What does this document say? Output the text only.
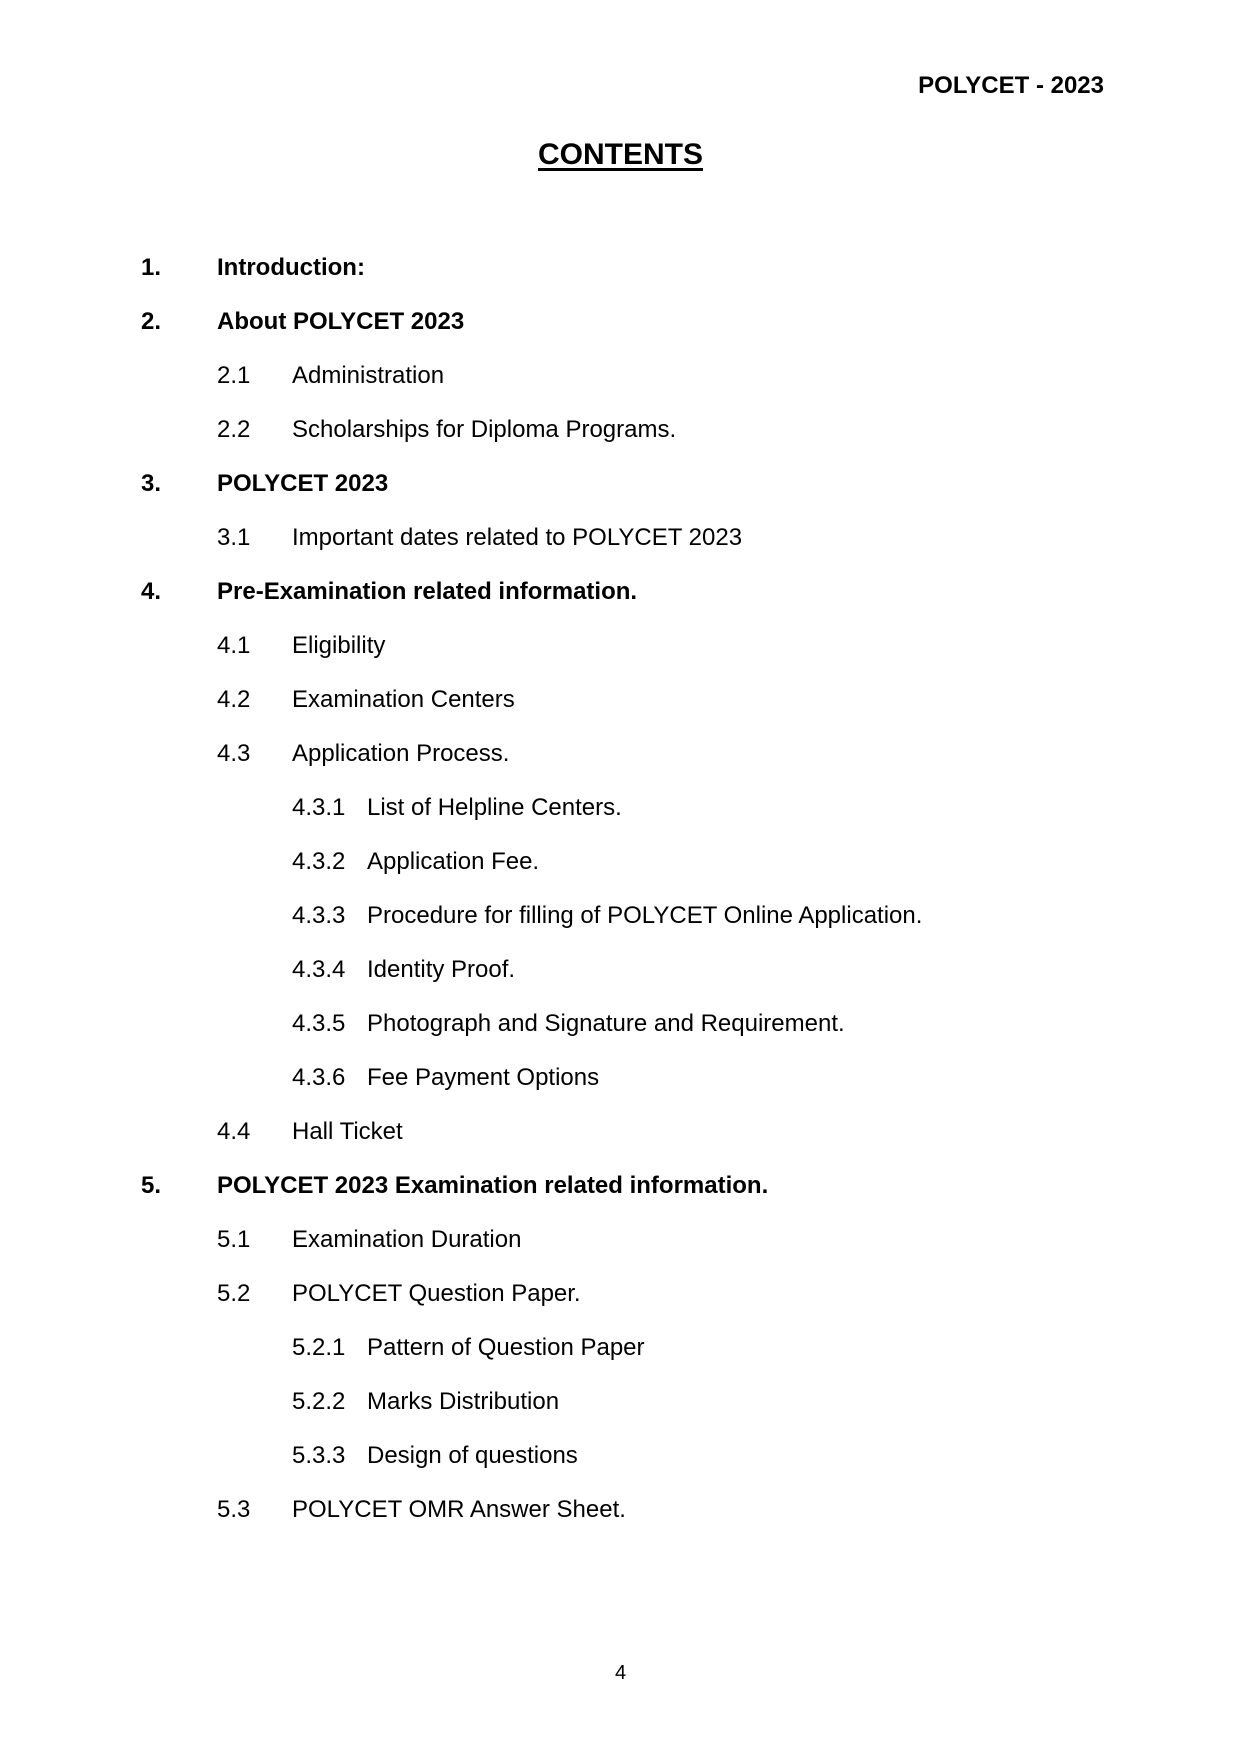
POLYCET - 2023
CONTENTS
1. Introduction:
2. About POLYCET 2023
2.1 Administration
2.2 Scholarships for Diploma Programs.
3. POLYCET 2023
3.1 Important dates related to POLYCET 2023
4. Pre-Examination related information.
4.1 Eligibility
4.2 Examination Centers
4.3 Application Process.
4.3.1 List of Helpline Centers.
4.3.2 Application Fee.
4.3.3 Procedure for filling of POLYCET Online Application.
4.3.4 Identity Proof.
4.3.5 Photograph and Signature and Requirement.
4.3.6 Fee Payment Options
4.4 Hall Ticket
5. POLYCET 2023 Examination related information.
5.1 Examination Duration
5.2 POLYCET Question Paper.
5.2.1 Pattern of Question Paper
5.2.2 Marks Distribution
5.3.3 Design of questions
5.3 POLYCET OMR Answer Sheet.
4
